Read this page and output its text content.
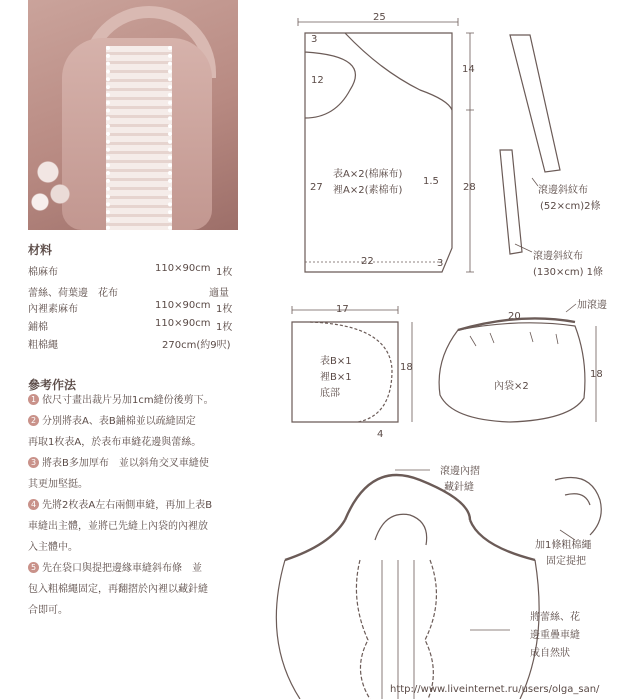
材料
棉麻布	110×90cm 1枚
蕾絲、荷葉邊　花布	適量
內裡素麻布	110×90cm 1枚
鋪棉	110×90cm 1枚
粗棉繩	270cm(約9呎)
參考作法
1 依尺寸畫出裁片另加1cm縫份後剪下。
2 分別將表A、表B鋪棉並以疏縫固定
再取1枚表A，於表布車縫花邊與蕾絲。
3 將表B多加厚布　並以斜角交叉車縫使
其更加堅挺。
4 先將2枚表A左右兩側車縫，再加上表B
車縫出主體，並將已先縫上內袋的內裡放
入主體中。
5 先在袋口與提把邊緣車縫斜布條　並
包入粗棉繩固定，再翻摺於內裡以藏針縫
合即可。
25
14
28
27
12
3
3
22
1.5
表A×2(棉麻布)
裡A×2(素棉布)	滾邊斜紋布
(52×cm)2條
滾邊斜紋布
(130×cm) 1條
17
18
4
表B×1
裡B×1
底部
20
18
加滾邊
內袋×2
滾邊內摺
藏針縫
加1條粗棉繩
固定提把
將蕾絲、花
邊重疊車縫
成自然狀
http://www.liveinternet.ru/users/olga_san/
